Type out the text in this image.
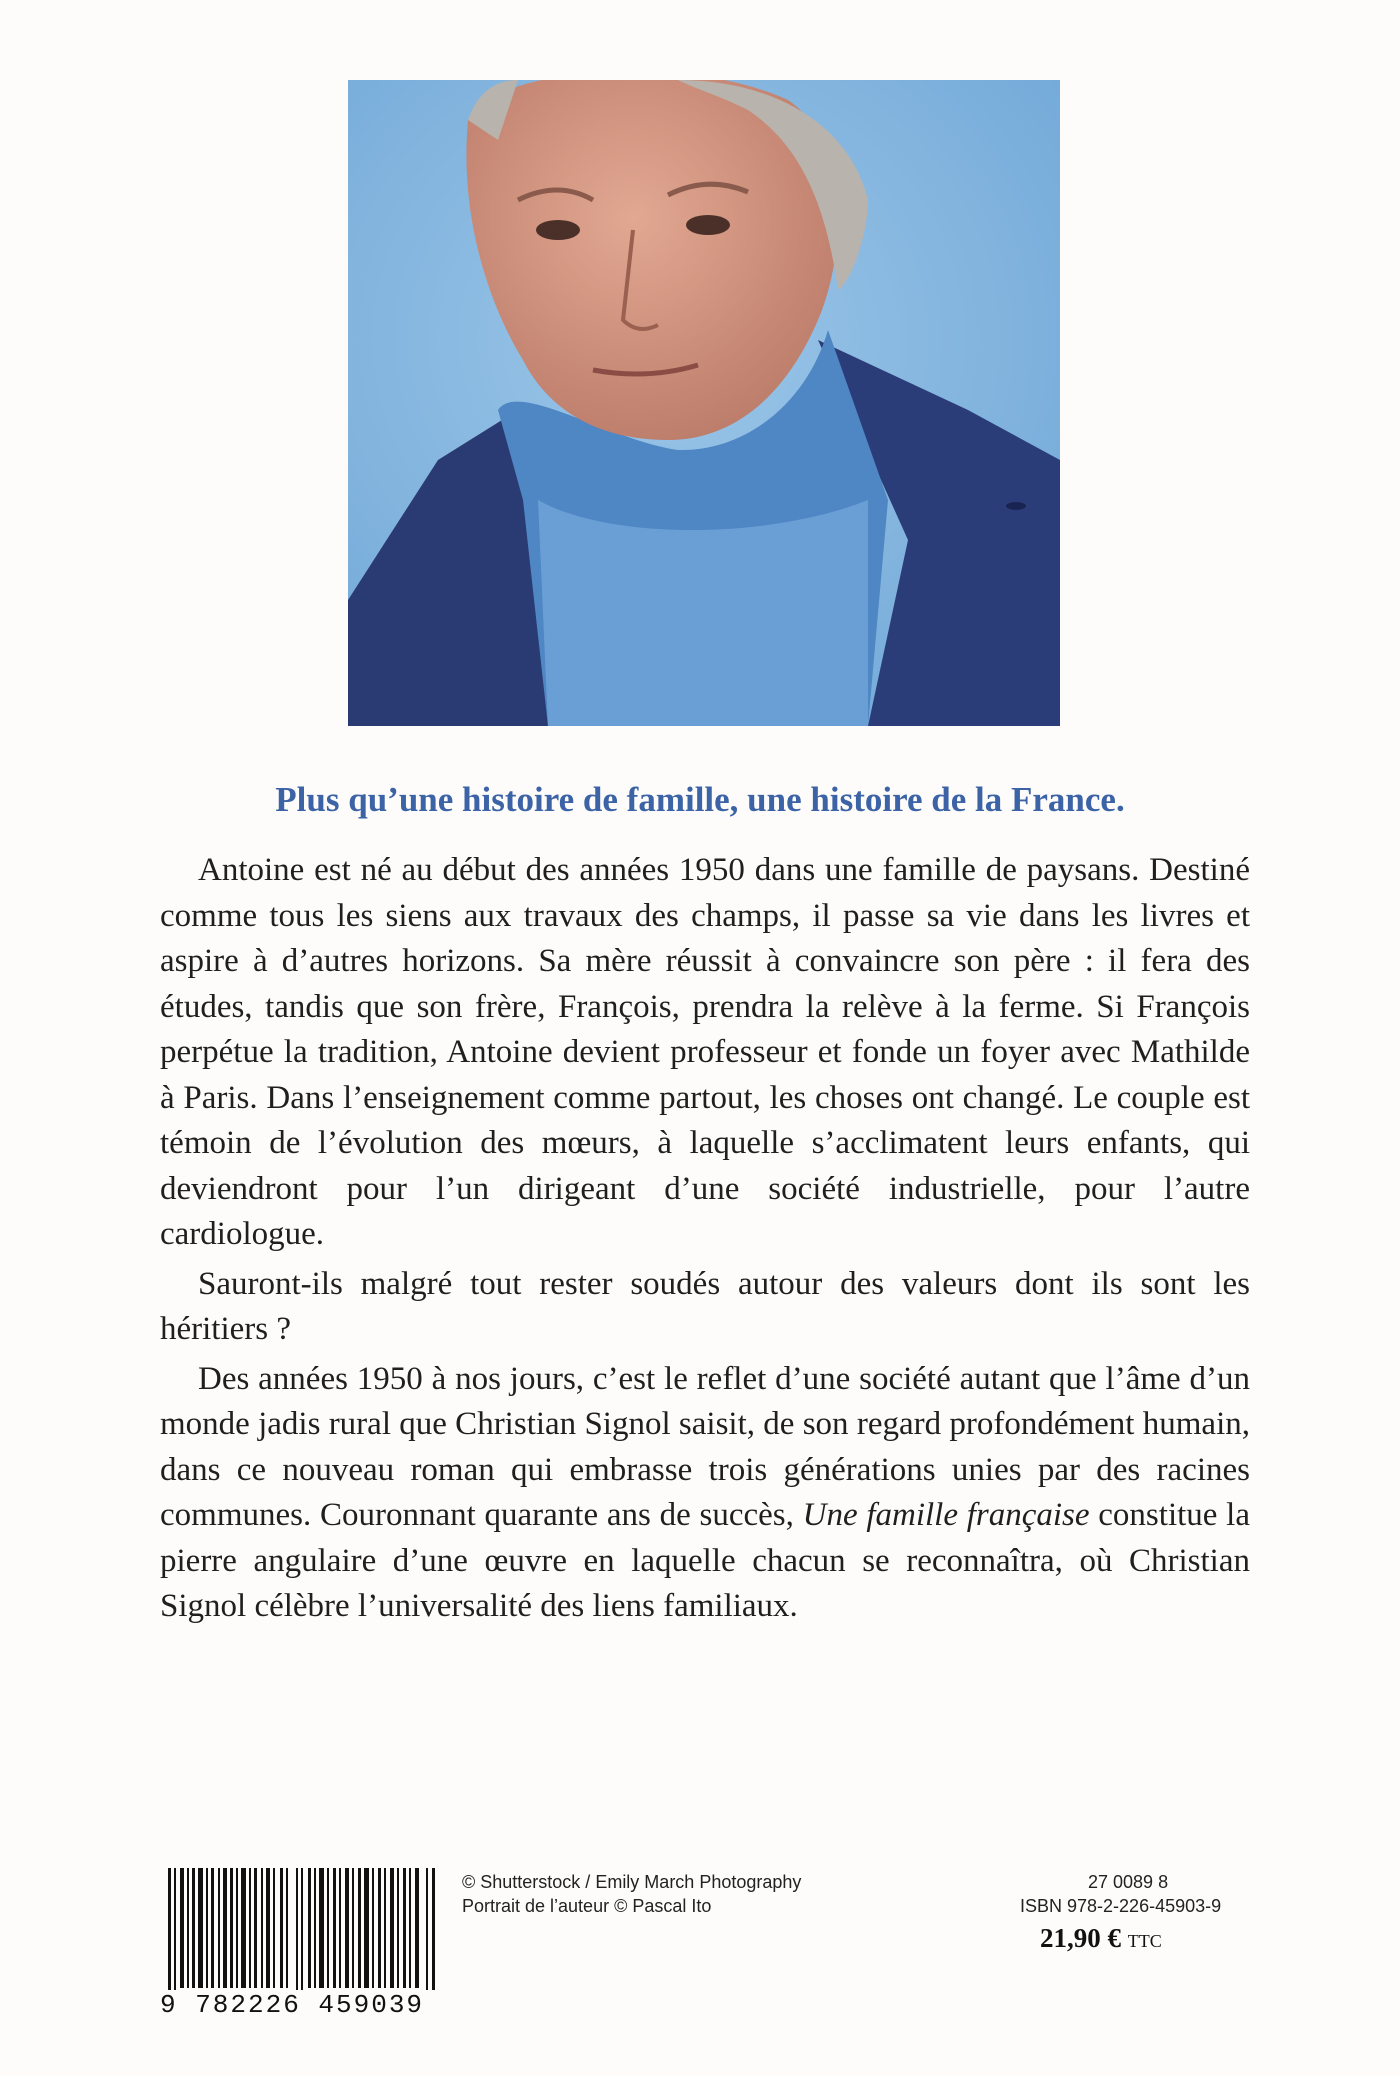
Plus qu’une histoire de famille, une histoire de la France.

Antoine est né au début des années 1950 dans une famille de paysans. Destiné comme tous les siens aux travaux des champs, il passe sa vie dans les livres et aspire à d’autres horizons. Sa mère réussit à convaincre son père : il fera des études, tandis que son frère, François, prendra la relève à la ferme. Si François perpétue la tradition, Antoine devient professeur et fonde un foyer avec Mathilde à Paris. Dans l’enseignement comme partout, les choses ont changé. Le couple est témoin de l’évolution des mœurs, à laquelle s’acclimatent leurs enfants, qui deviendront pour l’un dirigeant d’une société industrielle, pour l’autre cardiologue.

Sauront-ils malgré tout rester soudés autour des valeurs dont ils sont les héritiers ?

Des années 1950 à nos jours, c’est le reflet d’une société autant que l’âme d’un monde jadis rural que Christian Signol saisit, de son regard profondément humain, dans ce nouveau roman qui embrasse trois générations unies par des racines communes. Couronnant quarante ans de succès, Une famille française constitue la pierre angulaire d’une œuvre en laquelle chacun se reconnaîtra, où Christian Signol célèbre l’universalité des liens familiaux.

9 782226 459039
© Shutterstock / Emily March Photography
Portrait de l’auteur © Pascal Ito
27 0089 8
ISBN 978-2-226-45903-9
21,90 € TTC
